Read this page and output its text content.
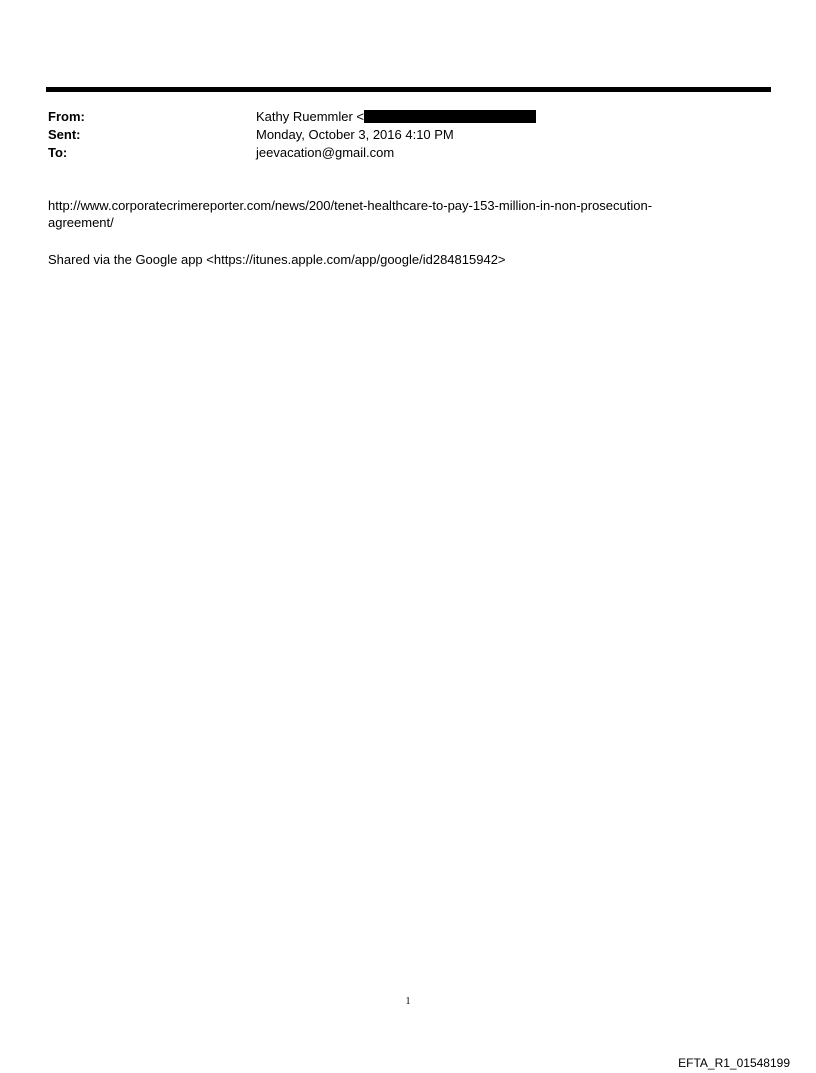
From:	Kathy Ruemmler <
Sent:	Monday, October 3, 2016 4:10 PM
To:	jeevacation@gmail.com
http://www.corporatecrimereporter.com/news/200/tenet-healthcare-to-pay-153-million-in-non-prosecution-
agreement/
Shared via the Google app <https://itunes.apple.com/app/google/id284815942>
1
EFTA_R1_01548199
